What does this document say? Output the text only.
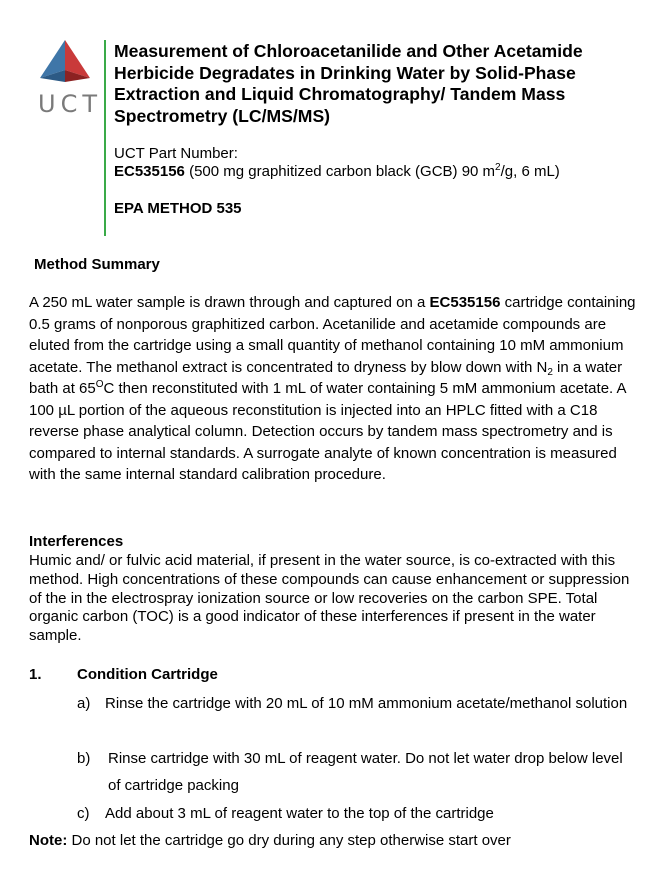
UCT
Measurement of Chloroacetanilide and Other Acetamide Herbicide Degradates in Drinking Water by Solid-Phase Extraction and Liquid Chromatography/ Tandem Mass Spectrometry (LC/MS/MS)
UCT Part Number:
EC535156 (500 mg graphitized carbon black (GCB) 90 $m^2/g$, 6 mL)
EPA METHOD 535
Method Summary

A 250 mL water sample is drawn through and captured on a EC535156 cartridge containing 0.5 grams of nonporous graphitized carbon. Acetanilide and acetamide compounds are eluted from the cartridge using a small quantity of methanol containing 10 mM ammonium acetate. The methanol extract is concentrated to dryness by blow down with $N_2$ in a water bath at $65^OC$ then reconstituted with 1 mL of water containing 5 mM ammonium acetate. A 100 µL portion of the aqueous reconstitution is injected into an HPLC fitted with a C18 reverse phase analytical column. Detection occurs by tandem mass spectrometry and is compared to internal standards. A surrogate analyte of known concentration is measured with the same internal standard calibration procedure.

Interferences

Humic and/ or fulvic acid material, if present in the water source, is co-extracted with this method. High concentrations of these compounds can cause enhancement or suppression of the in the electrospray ionization source or low recoveries on the carbon SPE. Total organic carbon (TOC) is a good indicator of these interferences if present in the water sample.

1. Condition Cartridge
a) Rinse the cartridge with 20 mL of 10 mM ammonium acetate/methanol solution
b) Rinse cartridge with 30 mL of reagent water. Do not let water drop below level of cartridge packing
c) Add about 3 mL of reagent water to the top of the cartridge
Note: Do not let the cartridge go dry during any step otherwise start over
